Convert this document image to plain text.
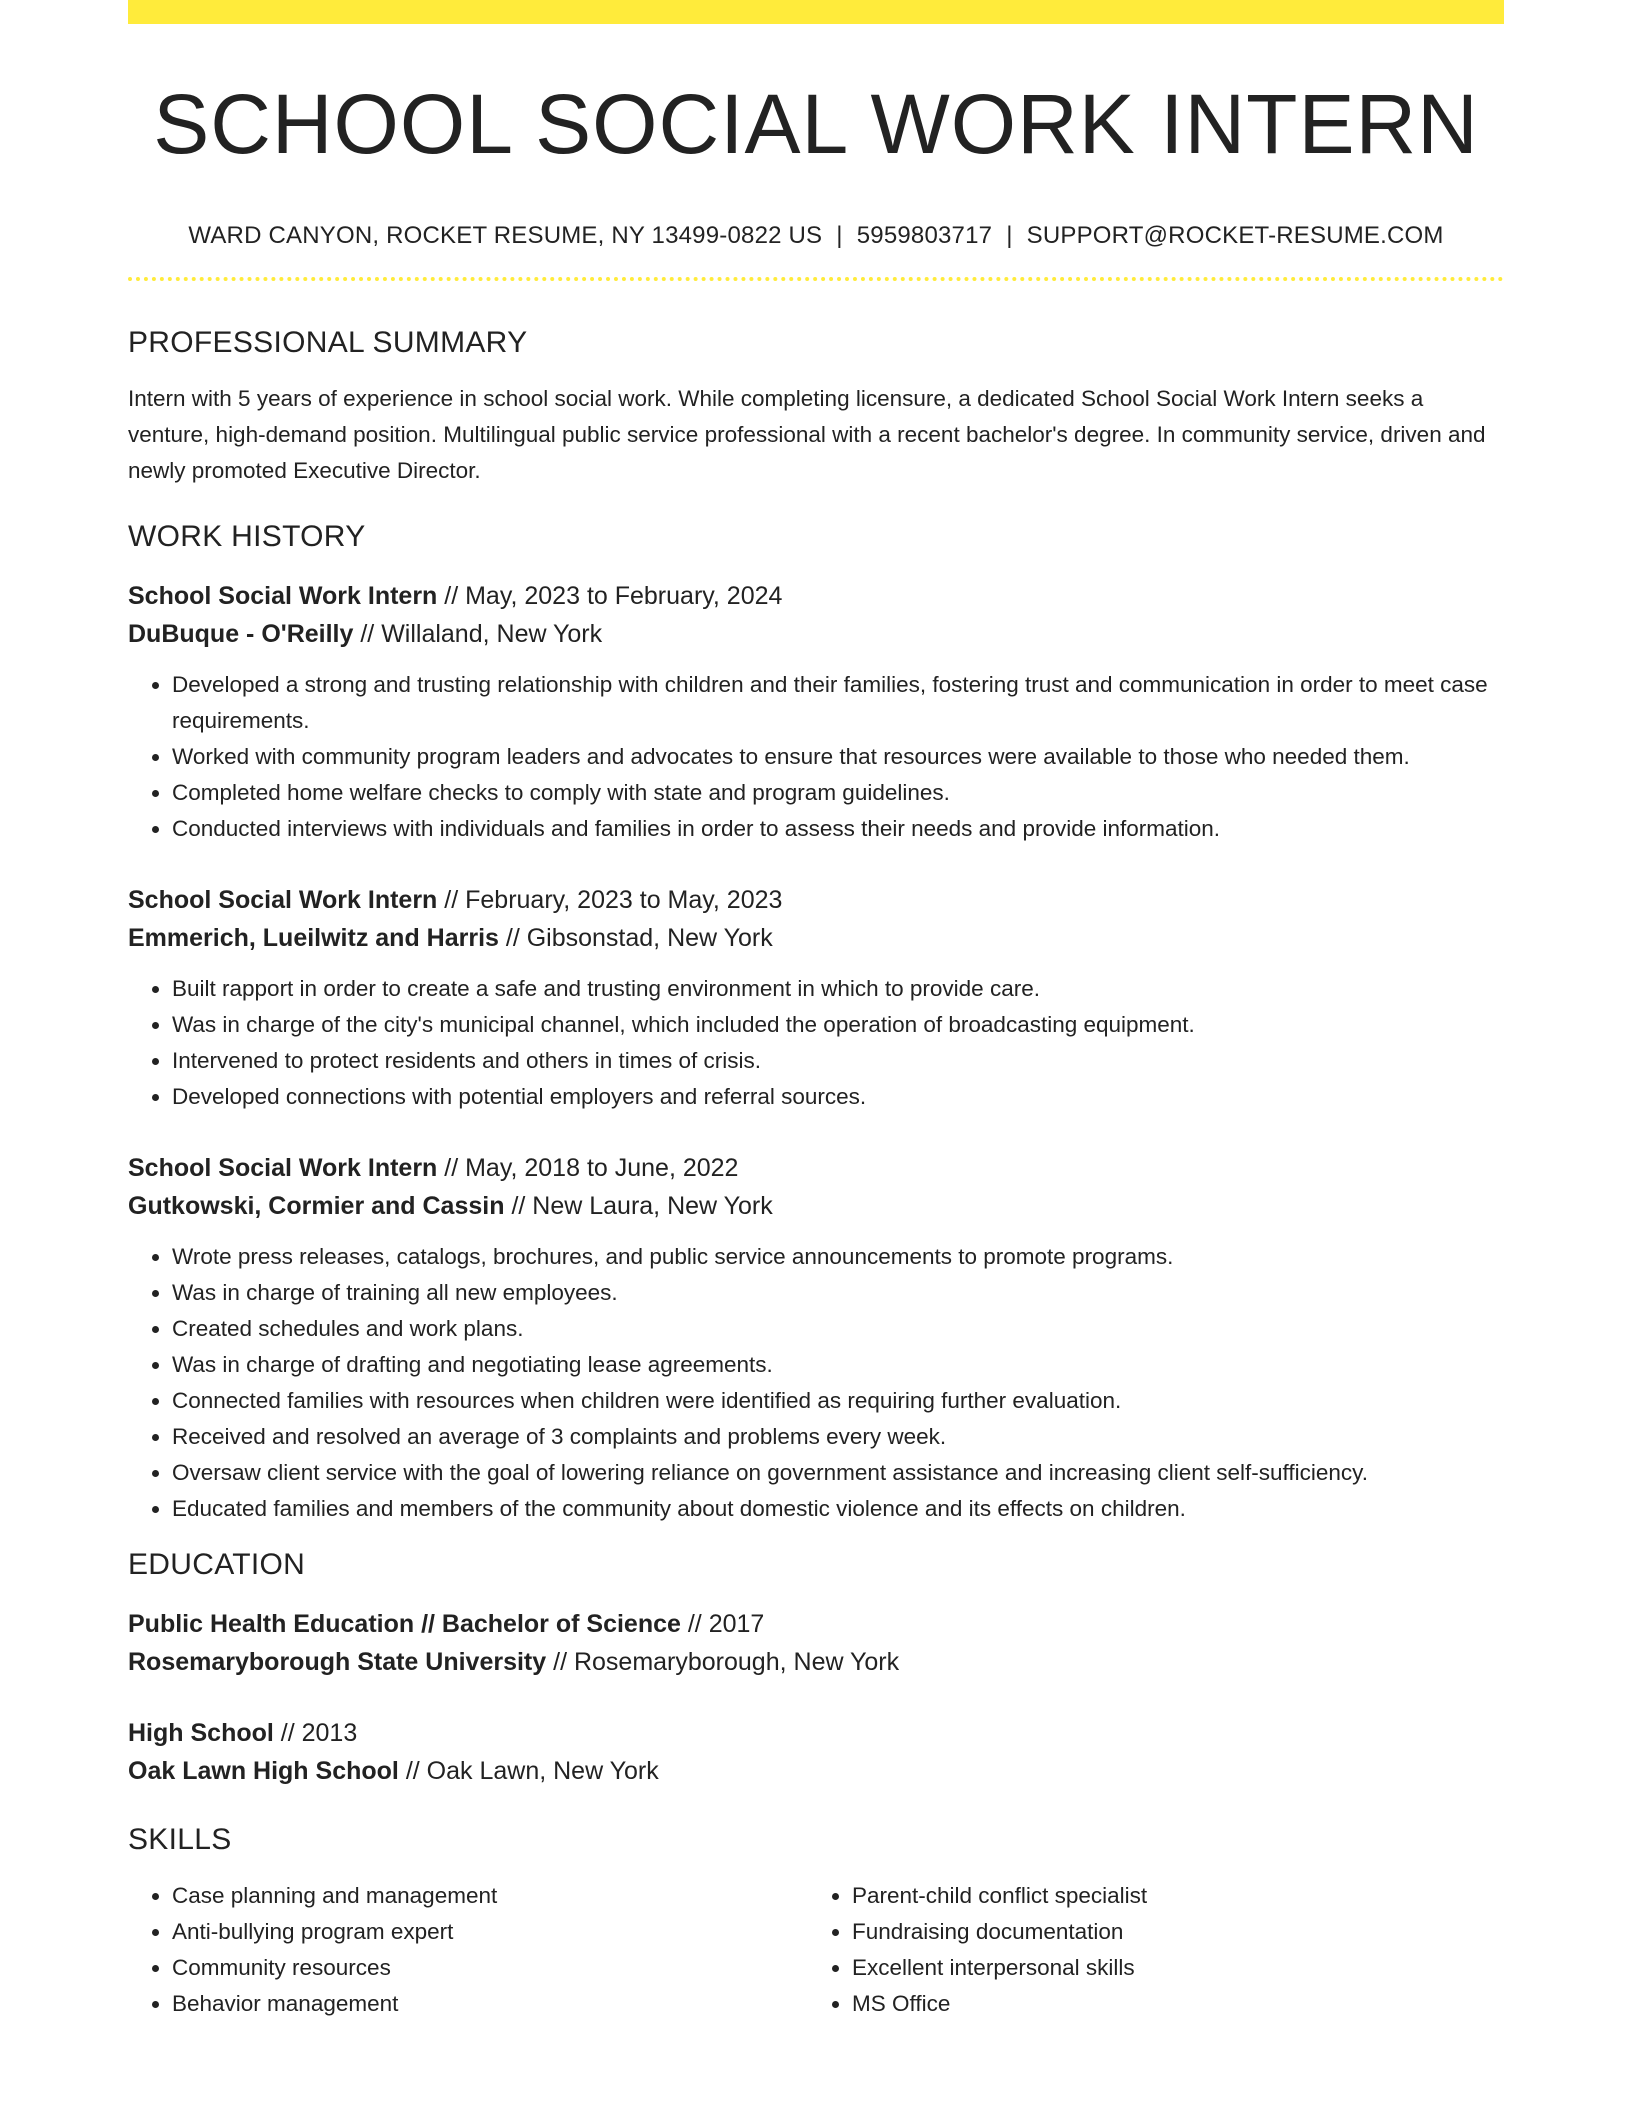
SCHOOL SOCIAL WORK INTERN
WARD CANYON, ROCKET RESUME, NY 13499-0822 US | 5959803717 | SUPPORT@ROCKET-RESUME.COM
PROFESSIONAL SUMMARY
Intern with 5 years of experience in school social work. While completing licensure, a dedicated School Social Work Intern seeks a venture, high-demand position. Multilingual public service professional with a recent bachelor's degree. In community service, driven and newly promoted Executive Director.
WORK HISTORY
School Social Work Intern // May, 2023 to February, 2024
DuBuque - O'Reilly // Willaland, New York
• Developed a strong and trusting relationship with children and their families, fostering trust and communication in order to meet case requirements.
• Worked with community program leaders and advocates to ensure that resources were available to those who needed them.
• Completed home welfare checks to comply with state and program guidelines.
• Conducted interviews with individuals and families in order to assess their needs and provide information.
School Social Work Intern // February, 2023 to May, 2023
Emmerich, Lueilwitz and Harris // Gibsonstad, New York
• Built rapport in order to create a safe and trusting environment in which to provide care.
• Was in charge of the city's municipal channel, which included the operation of broadcasting equipment.
• Intervened to protect residents and others in times of crisis.
• Developed connections with potential employers and referral sources.
School Social Work Intern // May, 2018 to June, 2022
Gutkowski, Cormier and Cassin // New Laura, New York
• Wrote press releases, catalogs, brochures, and public service announcements to promote programs.
• Was in charge of training all new employees.
• Created schedules and work plans.
• Was in charge of drafting and negotiating lease agreements.
• Connected families with resources when children were identified as requiring further evaluation.
• Received and resolved an average of 3 complaints and problems every week.
• Oversaw client service with the goal of lowering reliance on government assistance and increasing client self-sufficiency.
• Educated families and members of the community about domestic violence and its effects on children.
EDUCATION
Public Health Education // Bachelor of Science // 2017
Rosemaryborough State University // Rosemaryborough, New York
High School // 2013
Oak Lawn High School // Oak Lawn, New York
SKILLS
• Case planning and management
• Anti-bullying program expert
• Community resources
• Behavior management
• Parent-child conflict specialist
• Fundraising documentation
• Excellent interpersonal skills
• MS Office
